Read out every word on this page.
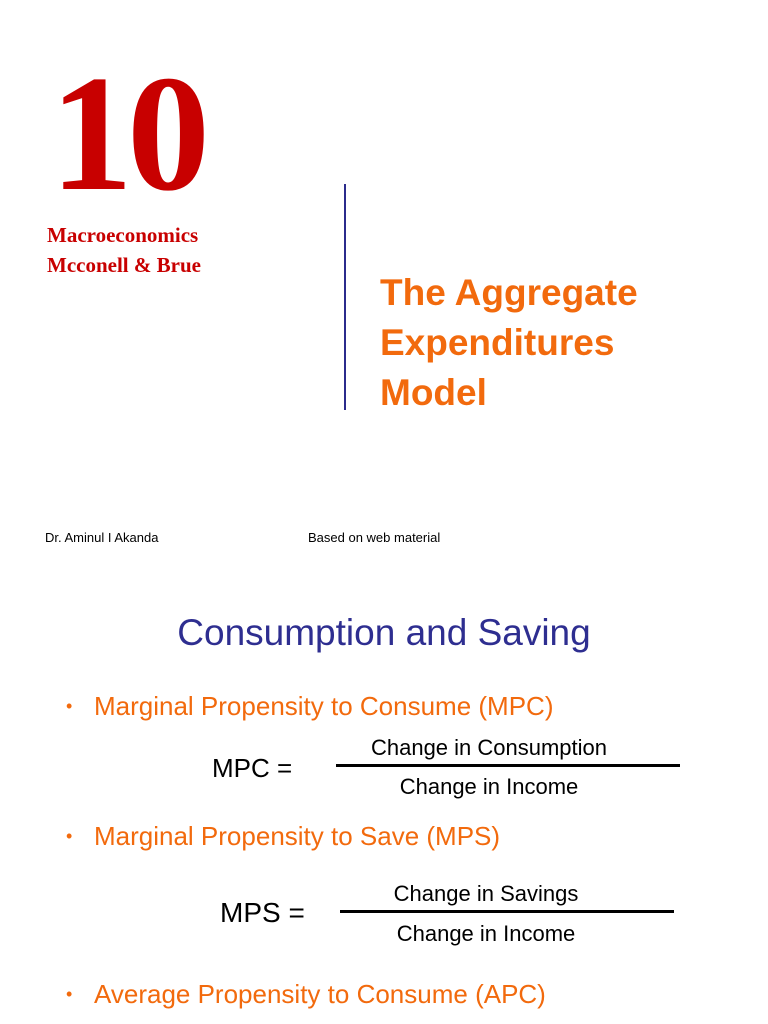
10
Macroeconomics
Mcconell & Brue
The Aggregate
Expenditures
Model
Dr. Aminul I Akanda	Based on web material
Consumption and Saving
• Marginal Propensity to Consume (MPC)
MPC =
Change in Consumption
Change in Income
• Marginal Propensity to Save (MPS)
MPS =
Change in Savings
Change in Income
• Average Propensity to Consume (APC)
